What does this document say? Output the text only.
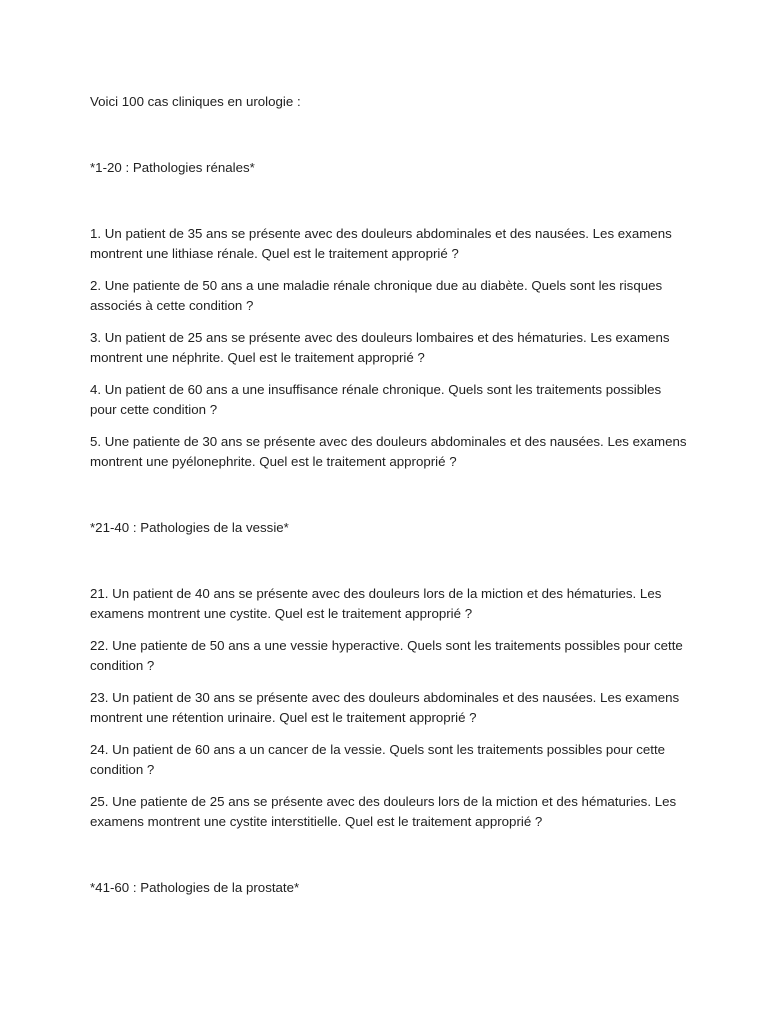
Voici 100 cas cliniques en urologie :

*1-20 : Pathologies rénales*

1. Un patient de 35 ans se présente avec des douleurs abdominales et des nausées. Les examens montrent une lithiase rénale. Quel est le traitement approprié ?

2. Une patiente de 50 ans a une maladie rénale chronique due au diabète. Quels sont les risques associés à cette condition ?

3. Un patient de 25 ans se présente avec des douleurs lombaires et des hématuries. Les examens montrent une néphrite. Quel est le traitement approprié ?

4. Un patient de 60 ans a une insuffisance rénale chronique. Quels sont les traitements possibles pour cette condition ?

5. Une patiente de 30 ans se présente avec des douleurs abdominales et des nausées. Les examens montrent une pyélonephrite. Quel est le traitement approprié ?

*21-40 : Pathologies de la vessie*

21. Un patient de 40 ans se présente avec des douleurs lors de la miction et des hématuries. Les examens montrent une cystite. Quel est le traitement approprié ?

22. Une patiente de 50 ans a une vessie hyperactive. Quels sont les traitements possibles pour cette condition ?

23. Un patient de 30 ans se présente avec des douleurs abdominales et des nausées. Les examens montrent une rétention urinaire. Quel est le traitement approprié ?

24. Un patient de 60 ans a un cancer de la vessie. Quels sont les traitements possibles pour cette condition ?

25. Une patiente de 25 ans se présente avec des douleurs lors de la miction et des hématuries. Les examens montrent une cystite interstitielle. Quel est le traitement approprié ?

*41-60 : Pathologies de la prostate*
